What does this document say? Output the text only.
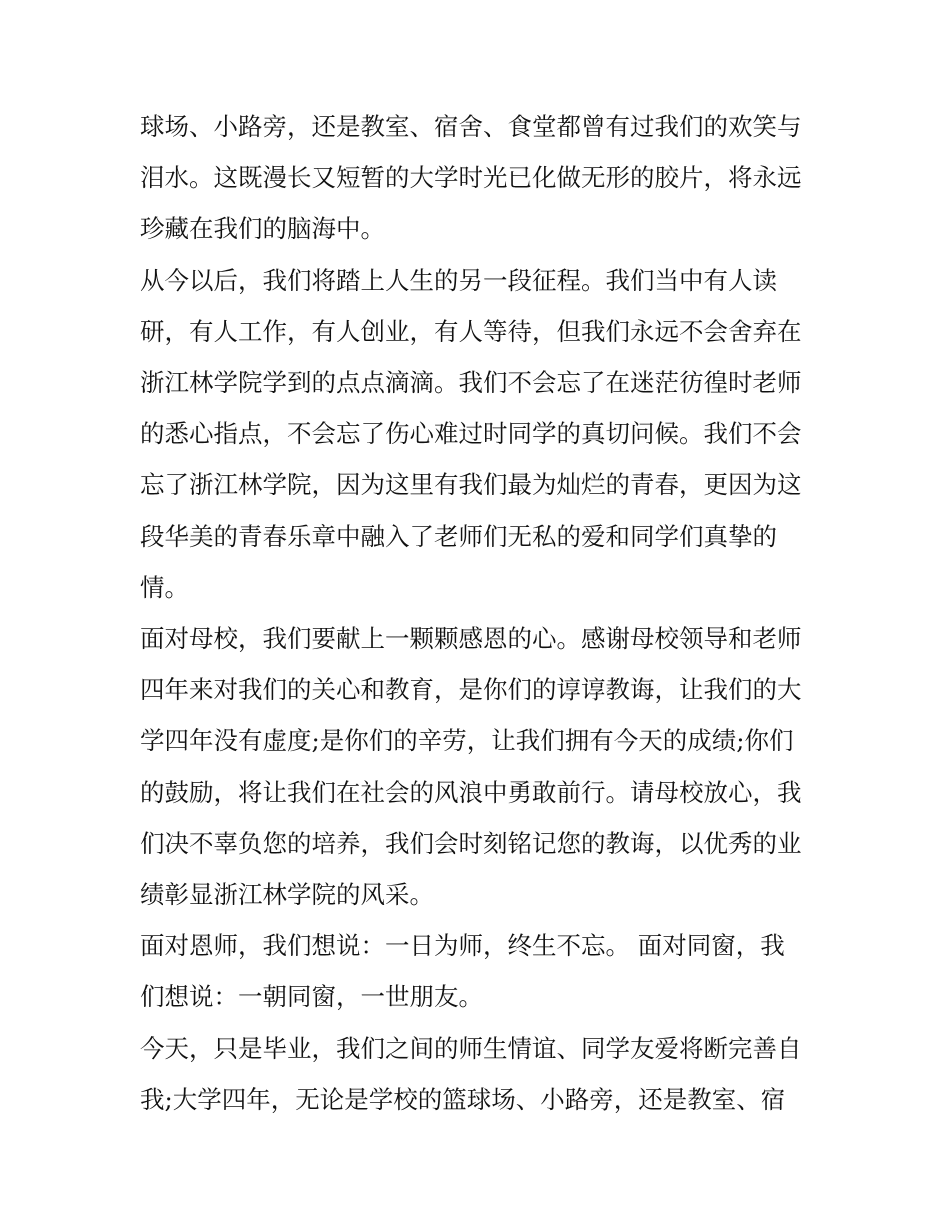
球场、小路旁，还是教室、宿舍、食堂都曾有过我们的欢笑与
泪水。这既漫长又短暂的大学时光已化做无形的胶片，将永远
珍藏在我们的脑海中。
从今以后，我们将踏上人生的另一段征程。我们当中有人读
研，有人工作，有人创业，有人等待，但我们永远不会舍弃在
浙江林学院学到的点点滴滴。我们不会忘了在迷茫彷徨时老师
的悉心指点，不会忘了伤心难过时同学的真切问候。我们不会
忘了浙江林学院，因为这里有我们最为灿烂的青春，更因为这
段华美的青春乐章中融入了老师们无私的爱和同学们真挚的
情。
面对母校，我们要献上一颗颗感恩的心。感谢母校领导和老师
四年来对我们的关心和教育，是你们的谆谆教诲，让我们的大
学四年没有虚度;是你们的辛劳，让我们拥有今天的成绩;你们
的鼓励，将让我们在社会的风浪中勇敢前行。请母校放心，我
们决不辜负您的培养，我们会时刻铭记您的教诲，以优秀的业
绩彰显浙江林学院的风采。
面对恩师，我们想说：一日为师，终生不忘。 面对同窗，我
们想说：一朝同窗，一世朋友。
今天，只是毕业，我们之间的师生情谊、同学友爱将断完善自
我;大学四年，无论是学校的篮球场、小路旁，还是教室、宿
